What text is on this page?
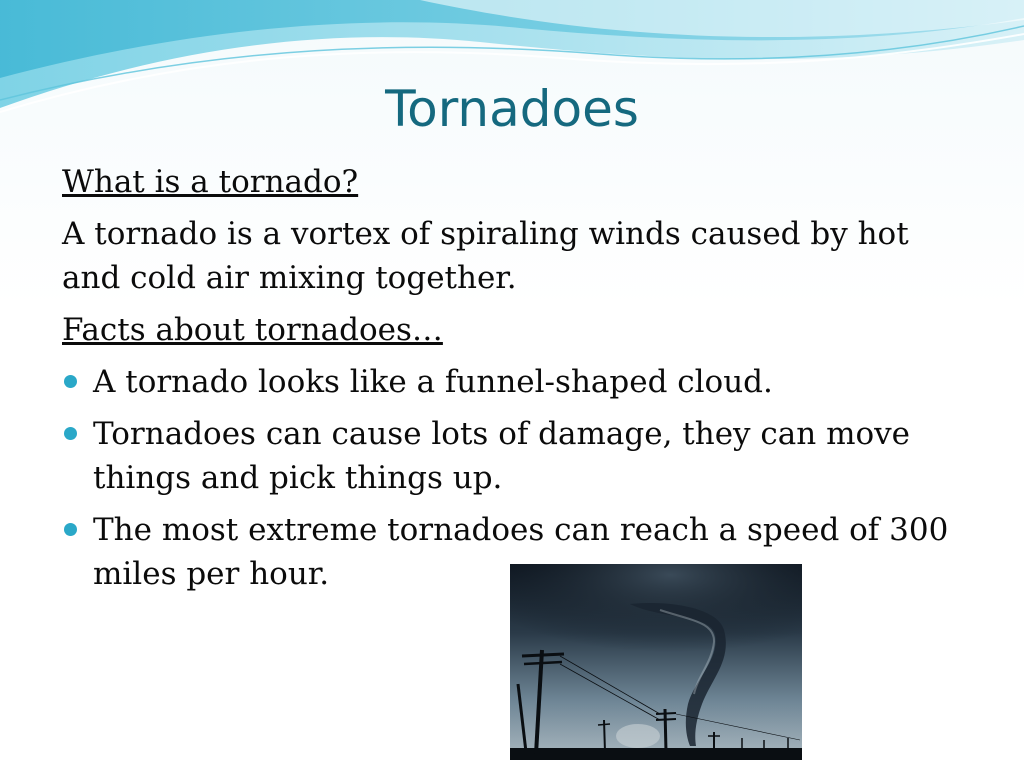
Tornadoes
What is a tornado?
A tornado is a vortex of spiraling winds caused by hot and cold air mixing together.
Facts about tornadoes…
A tornado looks like a funnel-shaped cloud.
Tornadoes can cause lots of damage, they can move things and pick things up.
The most extreme tornadoes can reach a speed of 300 miles per hour.
